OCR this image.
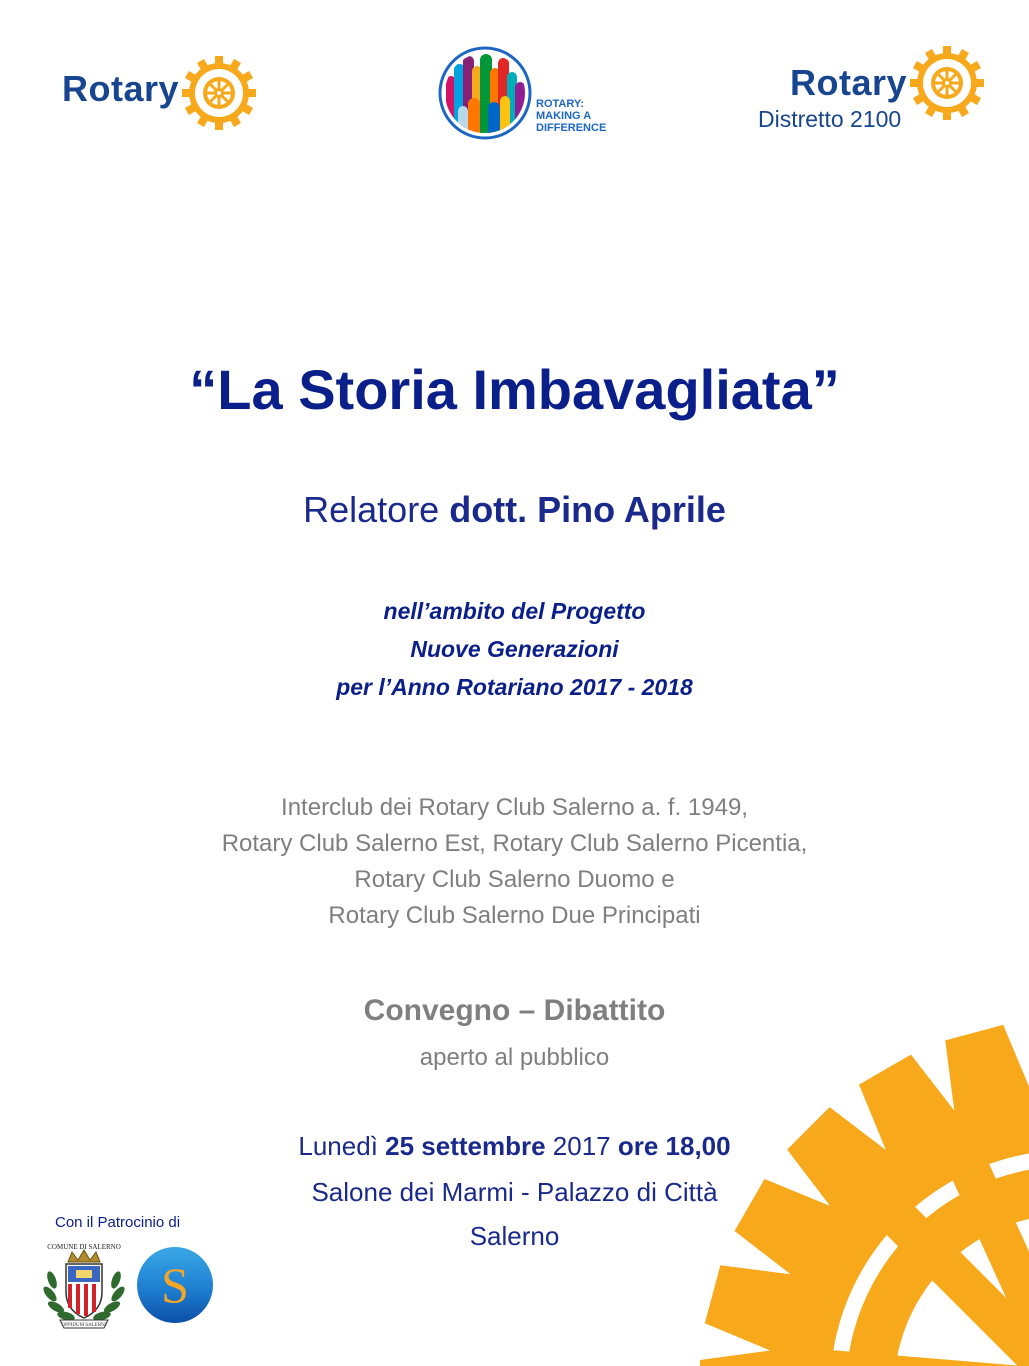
Rotary	ROTARY:
MAKING A
DIFFERENCE
Rotary
Distretto 2100
“La Storia Imbavagliata”
Relatore dott. Pino Aprile
nell’ambito del Progetto
Nuove Generazioni
per l’Anno Rotariano 2017 - 2018
Interclub dei Rotary Club Salerno a. f. 1949,
Rotary Club Salerno Est, Rotary Club Salerno Picentia,
Rotary Club Salerno Duomo e
Rotary Club Salerno Due Principati
Convegno – Dibattito
aperto al pubblico
Lunedì 25 settembre 2017 ore 18,00
Salone dei Marmi - Palazzo di Città
Salerno
Con il Patrocinio di
OPPIDUM SALERNI
COMUNE DI SALERNO
S
